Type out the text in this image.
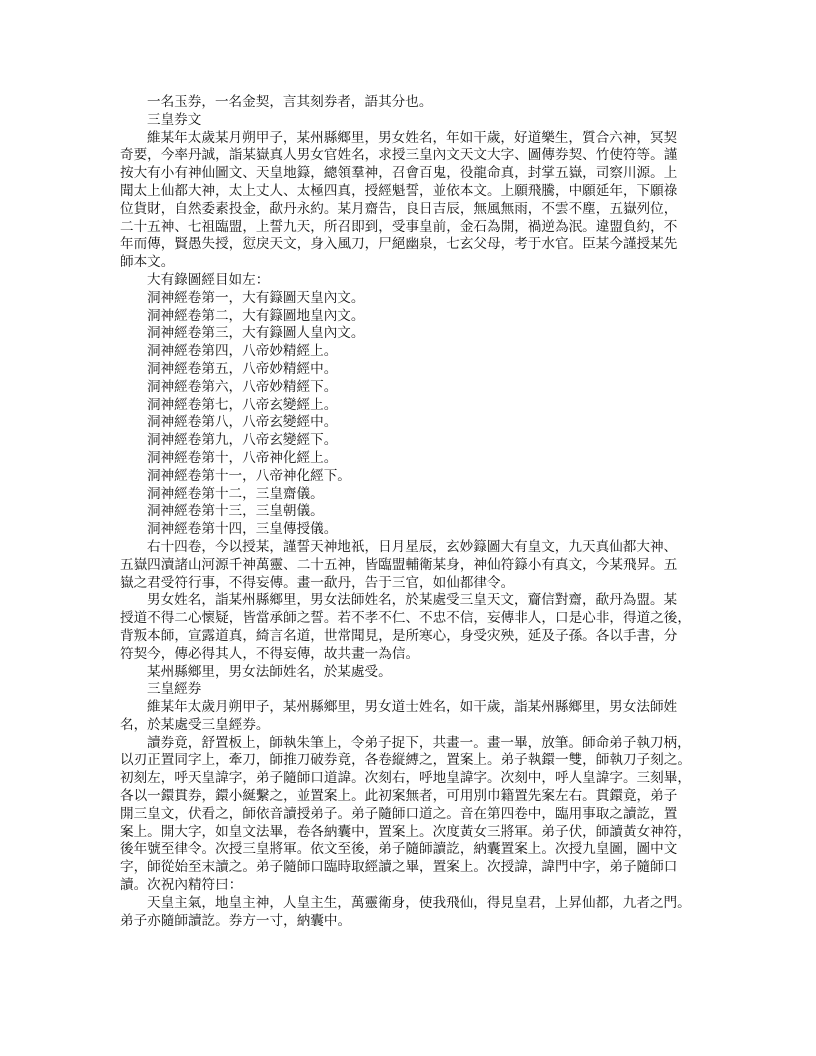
一名玉券，一名金契，言其刻券者，語其分也。
三皇券文
維某年太歲某月朔甲子，某州縣鄉里，男女姓名，年如干歲，好道樂生，質合六神，冥契
奇要，今率丹誠，詣某嶽真人男女官姓名，求授三皇內文天文大字、圖傳券契、竹使符等。謹
按大有小有神仙圖文、天皇地籙，總領羣神，召會百鬼，役龍命真，封掌五嶽，司察川源。上
聞太上仙都大神，太上丈人、太極四真，授經魁誓，並依本文。上願飛騰，中願延年，下願祿
位貨財，自然委素投金，歃丹永約。某月齋告，良日吉辰，無風無雨，不雲不塵，五嶽列位，
二十五神、七祖臨盟，上誓九天，所召即到，受事皇前，金石為開，禍逆為泯。違盟負約，不
年而傳，賢愚失授，愆戾天文，身入風刀，尸絕幽泉，七玄父母，考于水官。臣某今謹授某先
師本文。
大有錄圖經目如左：
洞神經卷第一，大有籙圖天皇內文。
洞神經卷第二，大有籙圖地皇內文。
洞神經卷第三，大有籙圖人皇內文。
洞神經卷第四，八帝妙精經上。
洞神經卷第五，八帝妙精經中。
洞神經卷第六，八帝妙精經下。
洞神經卷第七，八帝玄變經上。
洞神經卷第八，八帝玄變經中。
洞神經卷第九，八帝玄變經下。
洞神經卷第十，八帝神化經上。
洞神經卷第十一，八帝神化經下。
洞神經卷第十二，三皇齋儀。
洞神經卷第十三，三皇朝儀。
洞神經卷第十四，三皇傳授儀。
右十四卷，今以授某，謹誓天神地祇，日月星辰，玄妙籙圖大有皇文，九天真仙都大神、
五嶽四瀆諸山河源千神萬靈、二十五神，皆臨盟輔衛某身，神仙符籙小有真文，今某飛昇。五
嶽之君受符行事，不得妄傳。畫一歃丹，告于三官，如仙都律令。
男女姓名，詣某州縣鄉里，男女法師姓名，於某處受三皇天文，齎信對齋，歃丹為盟。某
授道不得二心懷疑，皆當承師之誓。若不孝不仁、不忠不信，妄傳非人，口是心非，得道之後，
背叛本師，宣露道真，綺言名道，世常聞見，是所寒心，身受灾殃，延及子孫。各以手書，分
符契今，傳必得其人，不得妄傳，故共畫一為信。
某州縣鄉里，男女法師姓名，於某處受。
三皇經券
維某年太歲月朔甲子，某州縣鄉里，男女道士姓名，如干歲，詣某州縣鄉里，男女法師姓
名，於某處受三皇經券。
讀券竟，舒置板上，師執朱筆上，令弟子捉下，共畫一。畫一畢，放筆。師命弟子執刀柄，
以刃正置同字上，牽刀，師推刀破券竟，各卷縦縛之，置案上。弟子執鐶一雙，師執刀子刻之。
初刻左，呼天皇諱字，弟子隨師口道諱。次刻右，呼地皇諱字。次刻中，呼人皇諱字。三刻畢，
各以一鐶貫券，鐶小綖繫之，並置案上。此初案無者，可用別巾籍置先案左右。貫鐶竟，弟子
開三皇文，伏看之，師依音讀授弟子。弟子隨師口道之。音在第四卷中，臨用事取之讀訖，置
案上。開大字，如皇文法畢，卷各納囊中，置案上。次度黃女三將軍。弟子伏，師讀黃女神符，
後年號至律令。次授三皇將軍。依文至後，弟子隨師讀訖，納囊置案上。次授九皇圖，圖中文
字，師從始至末讀之。弟子隨師口臨時取經讀之畢，置案上。次授諱，諱門中字，弟子隨師口
讀。次祝內精符曰：
天皇主氣，地皇主神，人皇主生，萬靈衛身，使我飛仙，得見皇君，上昇仙都，九者之門。
弟子亦隨師讀訖。券方一寸，納囊中。
